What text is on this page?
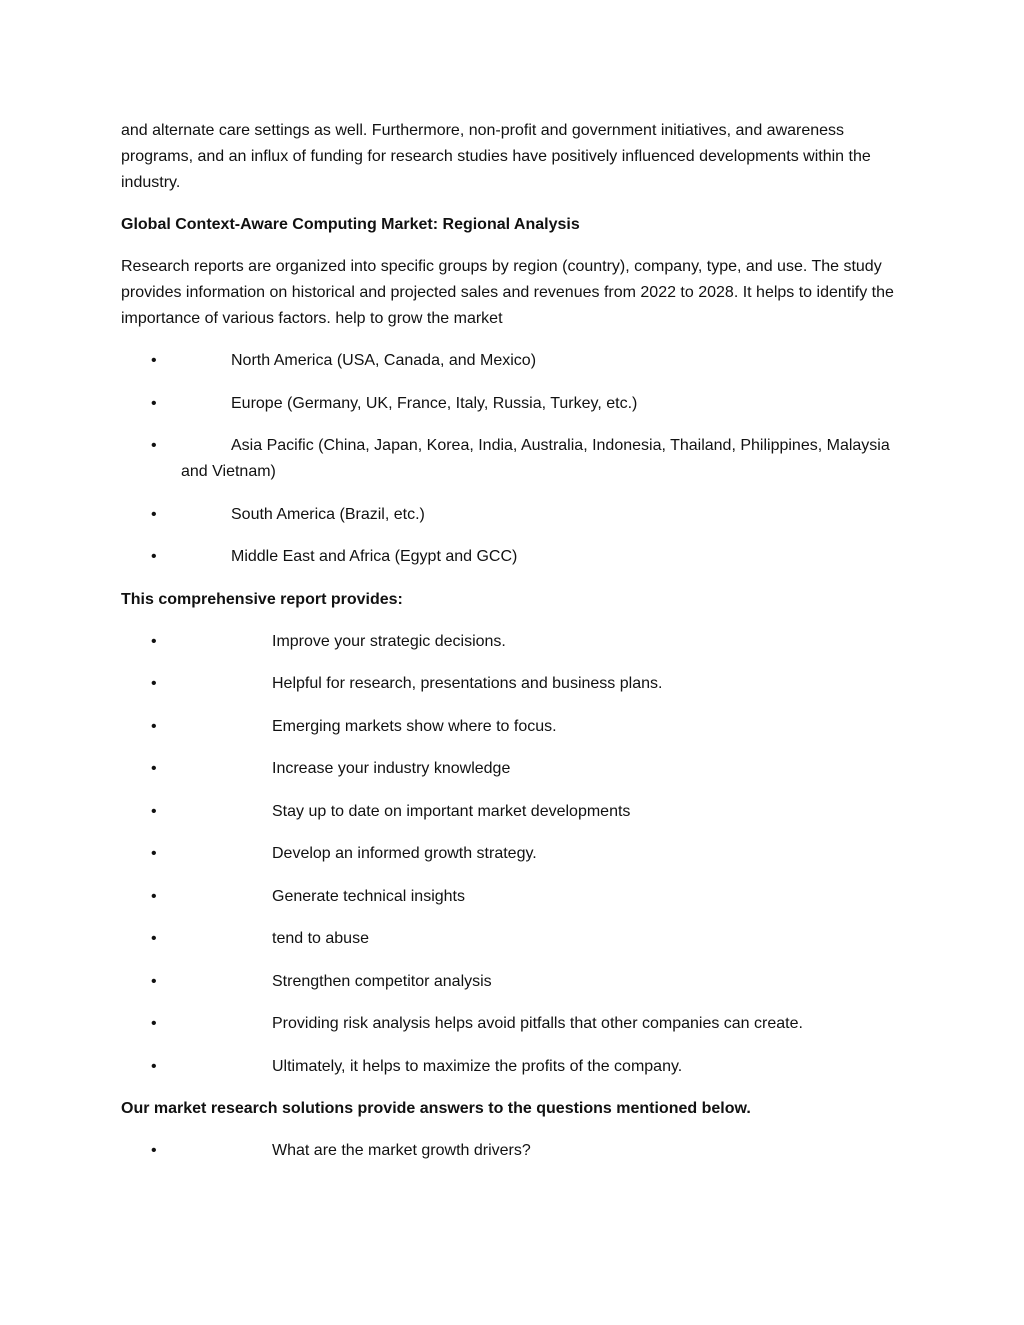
and alternate care settings as well. Furthermore, non-profit and government initiatives, and awareness programs, and an influx of funding for research studies have positively influenced developments within the industry.

Global Context-Aware Computing Market: Regional Analysis

Research reports are organized into specific groups by region (country), company, type, and use. The study provides information on historical and projected sales and revenues from 2022 to 2028. It helps to identify the importance of various factors. help to grow the market

•	North America (USA, Canada, and Mexico)
•	Europe (Germany, UK, France, Italy, Russia, Turkey, etc.)
•	Asia Pacific (China, Japan, Korea, India, Australia, Indonesia, Thailand, Philippines, Malaysia and Vietnam)
•	South America (Brazil, etc.)
•	Middle East and Africa (Egypt and GCC)

This comprehensive report provides:

•	Improve your strategic decisions.
•	Helpful for research, presentations and business plans.
•	Emerging markets show where to focus.
•	Increase your industry knowledge
•	Stay up to date on important market developments
•	Develop an informed growth strategy.
•	Generate technical insights
•	tend to abuse
•	Strengthen competitor analysis
•	Providing risk analysis helps avoid pitfalls that other companies can create.
•	Ultimately, it helps to maximize the profits of the company.

Our market research solutions provide answers to the questions mentioned below.

•	What are the market growth drivers?
